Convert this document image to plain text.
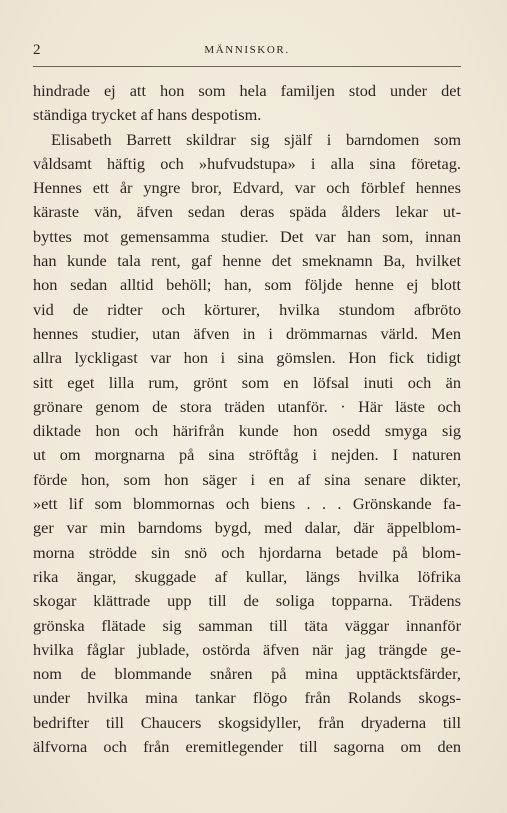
2	MÄNNISKOR.
hindrade ej att hon som hela familjen stod under det
ständiga trycket af hans despotism.
Elisabeth Barrett skildrar sig själf i barndomen som
våldsamt häftig och »hufvudstupa» i alla sina företag.
Hennes ett år yngre bror, Edvard, var och förblef hennes
käraste vän, äfven sedan deras späda ålders lekar ut-
byttes mot gemensamma studier. Det var han som, innan
han kunde tala rent, gaf henne det smeknamn Ba, hvilket
hon sedan alltid behöll; han, som följde henne ej blott
vid de ridter och körturer, hvilka stundom afbröto
hennes studier, utan äfven in i drömmarnas värld. Men
allra lyckligast var hon i sina gömslen. Hon fick tidigt
sitt eget lilla rum, grönt som en löfsal inuti och än
grönare genom de stora träden utanför. · Här läste och
diktade hon och härifrån kunde hon osedd smyga sig
ut om morgnarna på sina ströftåg i nejden. I naturen
förde hon, som hon säger i en af sina senare dikter,
»ett lif som blommornas och biens . . . Grönskande fa-
ger var min barndoms bygd, med dalar, där äppelblom-
morna strödde sin snö och hjordarna betade på blom-
rika ängar, skuggade af kullar, längs hvilka löfrika
skogar klättrade upp till de soliga topparna. Trädens
grönska flätade sig samman till täta väggar innanför
hvilka fåglar jublade, ostörda äfven när jag trängde ge-
nom de blommande snåren på mina upptäcktsfärder,
under hvilka mina tankar flögo från Rolands skogs-
bedrifter till Chaucers skogsidyller, från dryaderna till
älfvorna och från eremitlegender till sagorna om den
